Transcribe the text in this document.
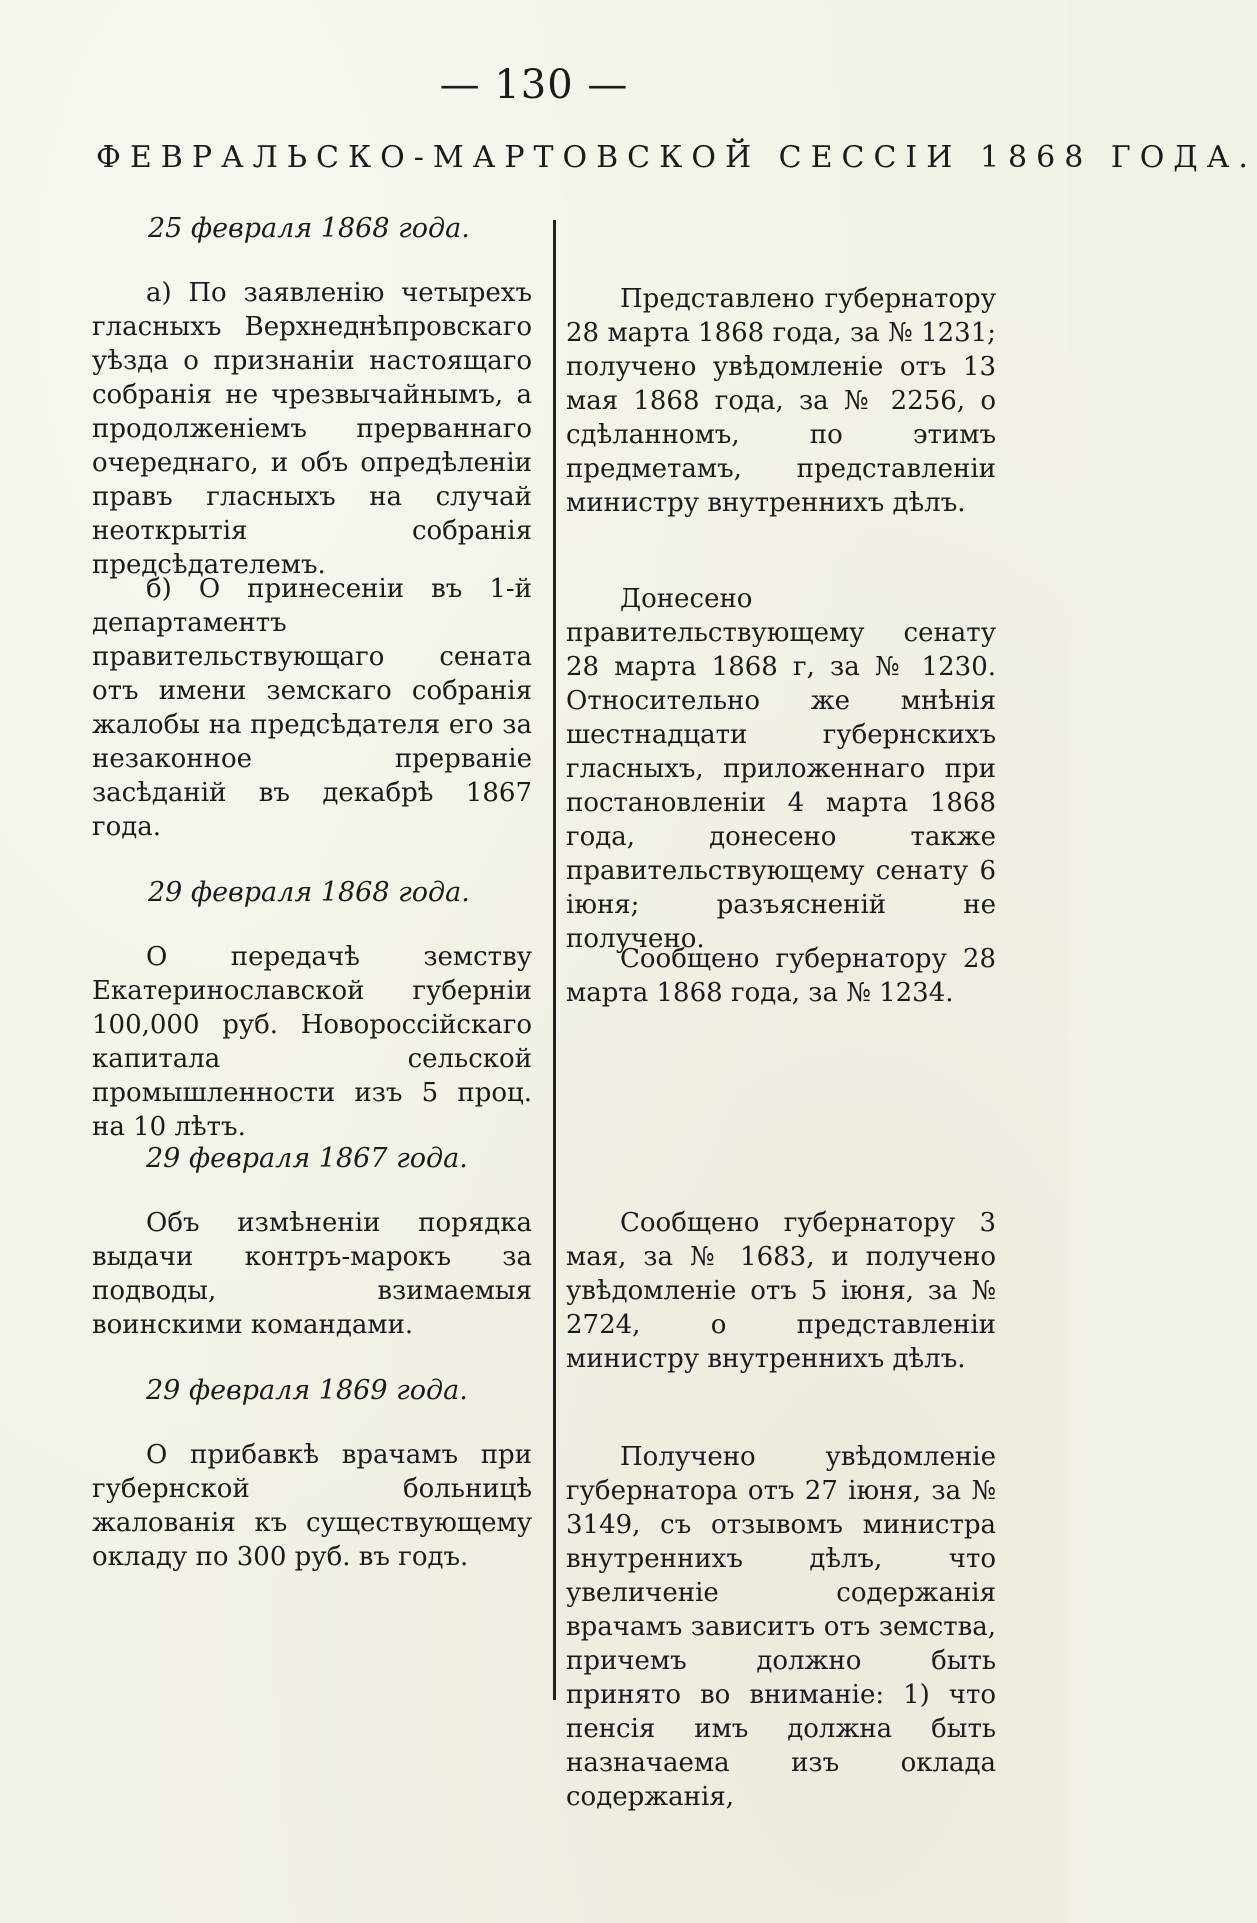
— 130 —
ФЕВРАЛЬСКО-МАРТОВСКОЙ СЕССІИ 1868 ГОДА.
25 февраля 1868 года.
а) По заявленію четырехъ гласныхъ Верхнеднѣпровскаго уѣзда о признаніи настоящаго собранія не чрезвычайнымъ, а продолженіемъ прерваннаго очереднаго, и объ опредѣленіи правъ гласныхъ на случай неоткрытія собранія предсѣдателемъ.
б) О принесеніи въ 1-й департаментъ правительствующаго сената отъ имени земскаго собранія жалобы на предсѣдателя его за незаконное прерваніе засѣданій въ декабрѣ 1867 года.
29 февраля 1868 года.
О передачѣ земству Екатеринославской губерніи 100,000 руб. Новороссійскаго капитала сельской промышленности изъ 5 проц. на 10 лѣтъ.
29 февраля 1867 года.
Объ измѣненіи порядка выдачи контръ-марокъ за подводы, взимаемыя воинскими командами.
29 февраля 1869 года.
О прибавкѣ врачамъ при губернской больницѣ жалованія къ существующему окладу по 300 руб. въ годъ.
Представлено губернатору 28 марта 1868 года, за № 1231; получено увѣдомленіе отъ 13 мая 1868 года, за № 2256, о сдѣланномъ, по этимъ предметамъ, представленіи министру внутреннихъ дѣлъ.
Донесено правительствующему сенату 28 марта 1868 г, за № 1230. Относительно же мнѣнія шестнадцати губернскихъ гласныхъ, приложеннаго при постановленіи 4 марта 1868 года, донесено также правительствующему сенату 6 іюня; разъясненій не получено.
Сообщено губернатору 28 марта 1868 года, за № 1234.
Сообщено губернатору 3 мая, за № 1683, и получено увѣдомленіе отъ 5 іюня, за № 2724, о представленіи министру внутреннихъ дѣлъ.
Получено увѣдомленіе губернатора отъ 27 іюня, за № 3149, съ отзывомъ министра внутреннихъ дѣлъ, что увеличеніе содержанія врачамъ зависитъ отъ земства, причемъ должно быть принято во вниманіе: 1) что пенсія имъ должна быть назначаема изъ оклада содержанія,
